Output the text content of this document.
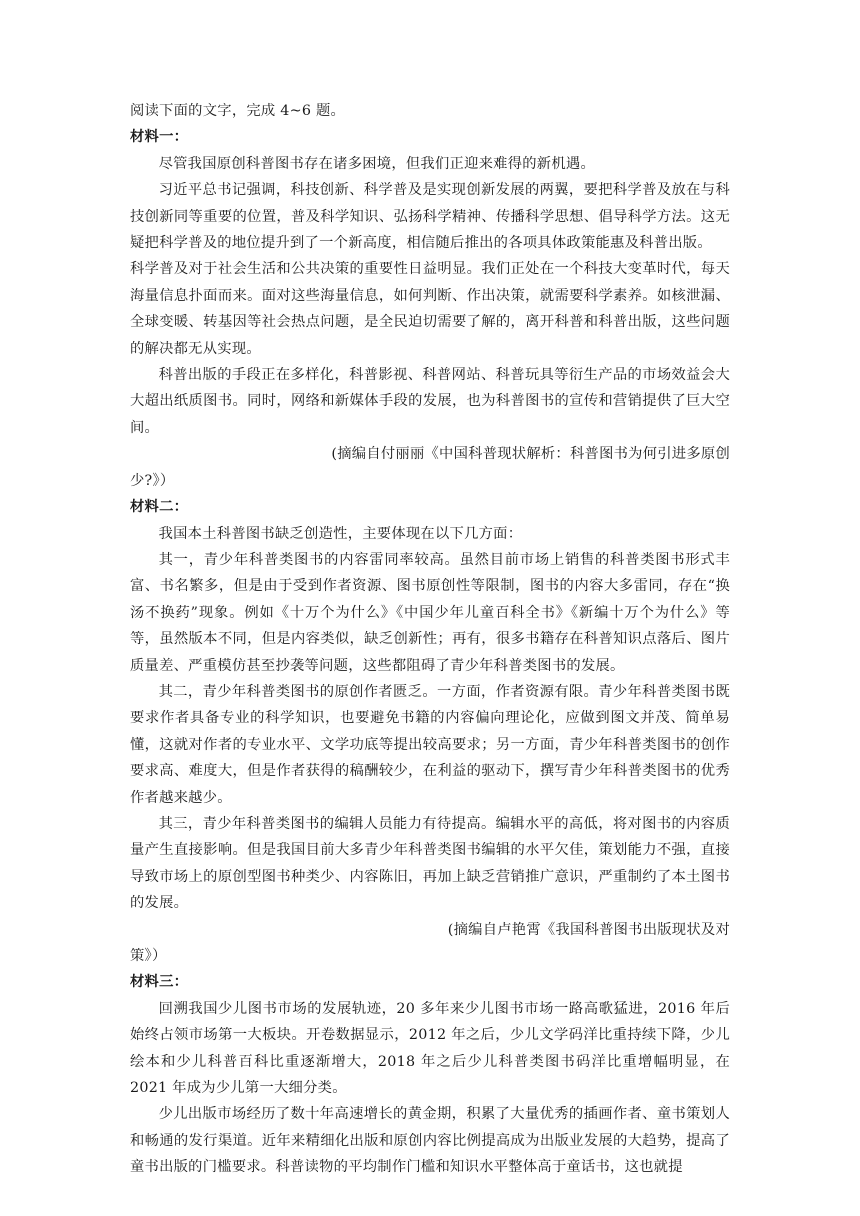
阅读下面的文字，完成 4~6 题。

材料一：

尽管我国原创科普图书存在诸多困境，但我们正迎来难得的新机遇。

习近平总书记强调，科技创新、科学普及是实现创新发展的两翼，要把科学普及放在与科技创新同等重要的位置，普及科学知识、弘扬科学精神、传播科学思想、倡导科学方法。这无疑把科学普及的地位提升到了一个新高度，相信随后推出的各项具体政策能惠及科普出版。

科学普及对于社会生活和公共决策的重要性日益明显。我们正处在一个科技大变革时代，每天海量信息扑面而来。面对这些海量信息，如何判断、作出决策，就需要科学素养。如核泄漏、全球变暖、转基因等社会热点问题，是全民迫切需要了解的，离开科普和科普出版，这些问题的解决都无从实现。

科普出版的手段正在多样化，科普影视、科普网站、科普玩具等衍生产品的市场效益会大大超出纸质图书。同时，网络和新媒体手段的发展，也为科普图书的宣传和营销提供了巨大空间。

(摘编自付丽丽《中国科普现状解析：科普图书为何引进多原创

少?》）

材料二：

我国本土科普图书缺乏创造性，主要体现在以下几方面：

其一，青少年科普类图书的内容雷同率较高。虽然目前市场上销售的科普类图书形式丰富、书名繁多，但是由于受到作者资源、图书原创性等限制，图书的内容大多雷同，存在“换汤不换药”现象。例如《十万个为什么》《中国少年儿童百科全书》《新编十万个为什么》等等，虽然版本不同，但是内容类似，缺乏创新性；再有，很多书籍存在科普知识点落后、图片质量差、严重模仿甚至抄袭等问题，这些都阻碍了青少年科普类图书的发展。

其二，青少年科普类图书的原创作者匮乏。一方面，作者资源有限。青少年科普类图书既要求作者具备专业的科学知识，也要避免书籍的内容偏向理论化，应做到图文并茂、简单易懂，这就对作者的专业水平、文学功底等提出较高要求；另一方面，青少年科普类图书的创作要求高、难度大，但是作者获得的稿酬较少，在利益的驱动下，撰写青少年科普类图书的优秀作者越来越少。

其三，青少年科普类图书的编辑人员能力有待提高。编辑水平的高低，将对图书的内容质量产生直接影响。但是我国目前大多青少年科普类图书编辑的水平欠佳，策划能力不强，直接导致市场上的原创型图书种类少、内容陈旧，再加上缺乏营销推广意识，严重制约了本土图书的发展。

(摘编自卢艳霄《我国科普图书出版现状及对

策》）

材料三：

回溯我国少儿图书市场的发展轨迹，20 多年来少儿图书市场一路高歌猛进，2016 年后始终占领市场第一大板块。开卷数据显示，2012 年之后，少儿文学码洋比重持续下降，少儿绘本和少儿科普百科比重逐渐增大，2018 年之后少儿科普类图书码洋比重增幅明显，在 2021 年成为少儿第一大细分类。

少儿出版市场经历了数十年高速增长的黄金期，积累了大量优秀的插画作者、童书策划人和畅通的发行渠道。近年来精细化出版和原创内容比例提高成为出版业发展的大趋势，提高了童书出版的门槛要求。科普读物的平均制作门槛和知识水平整体高于童话书，这也就提
